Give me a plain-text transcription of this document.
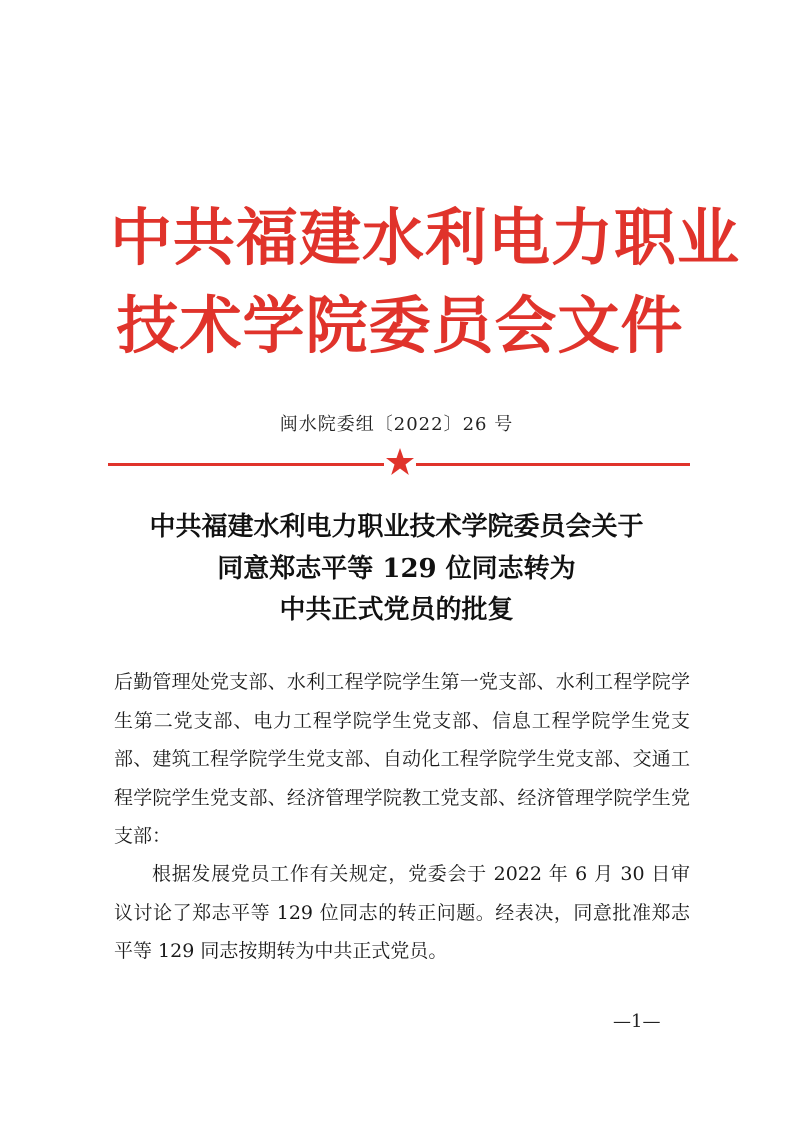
中共福建水利电力职业
技术学院委员会文件
闽水院委组〔2022〕26 号
中共福建水利电力职业技术学院委员会关于
同意郑志平等 129 位同志转为
中共正式党员的批复
后勤管理处党支部、水利工程学院学生第一党支部、水利工程学院学生第二党支部、电力工程学院学生党支部、信息工程学院学生党支部、建筑工程学院学生党支部、自动化工程学院学生党支部、交通工程学院学生党支部、经济管理学院教工党支部、经济管理学院学生党支部：
根据发展党员工作有关规定，党委会于 2022 年 6 月 30 日审议讨论了郑志平等 129 位同志的转正问题。经表决，同意批准郑志平等 129 同志按期转为中共正式党员。
—1—
